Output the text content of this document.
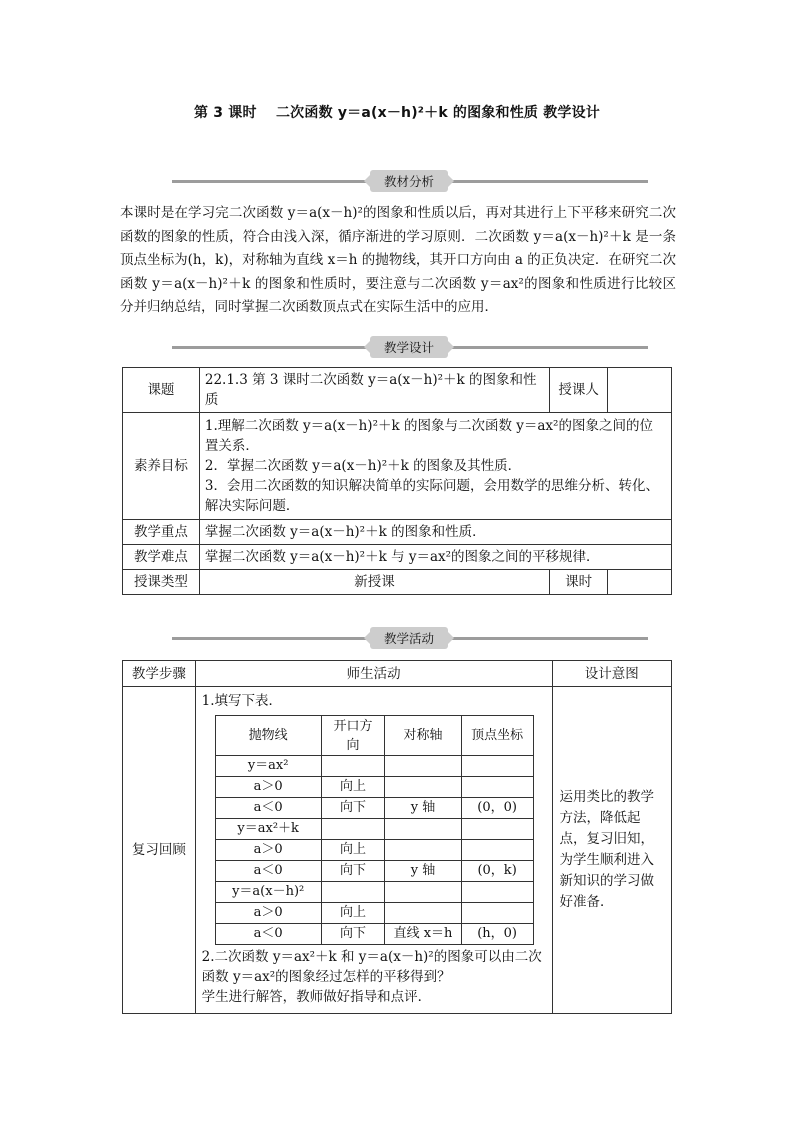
第 3 课时　 二次函数 y＝a(x－h)²＋k 的图象和性质 教学设计
教材分析
本课时是在学习完二次函数 y＝a(x－h)²的图象和性质以后，再对其进行上下平移来研究二次函数的图象的性质，符合由浅入深，循序渐进的学习原则．二次函数 y＝a(x－h)²＋k 是一条顶点坐标为(h，k)，对称轴为直线 x＝h 的抛物线，其开口方向由 a 的正负决定．在研究二次函数 y＝a(x－h)²＋k 的图象和性质时，要注意与二次函数 y＝ax²的图象和性质进行比较区分并归纳总结，同时掌握二次函数顶点式在实际生活中的应用．
教学设计
课题	22.1.3 第 3 课时二次函数 y＝a(x－h)²＋k 的图象和性质	授课人	
素养目标	1.理解二次函数 y＝a(x－h)²＋k 的图象与二次函数 y＝ax²的图象之间的位置关系．
2．掌握二次函数 y＝a(x－h)²＋k 的图象及其性质．
3．会用二次函数的知识解决简单的实际问题，会用数学的思维分析、转化、解决实际问题．		

教学重点	掌握二次函数 y＝a(x－h)²＋k 的图象和性质．		
教学难点	掌握二次函数 y＝a(x－h)²＋k 与 y＝ax²的图象之间的平移规律．		
授课类型	新授课	课时	
教学活动
教学步骤	师生活动	设计意图
复习回顾	
1.填写下表．
抛物线	开口方向	对称轴	顶点坐标
y＝ax²			
a＞0	向上		
a＜0	向下	y 轴	(0，0)
y＝ax²＋k			
a＞0	向上		
a＜0	向下	y 轴	(0，k)
y＝a(x－h)²			
a＞0	向上		
a＜0	向下	直线 x＝h	(h，0)
2.二次函数 y＝ax²＋k 和 y＝a(x－h)²的图象可以由二次函数 y＝ax²的图象经过怎样的平移得到？
学生进行解答，教师做好指导和点评．

运用类比的教学方法，降低起点，复习旧知，为学生顺利进入新知识的学习做好准备．
